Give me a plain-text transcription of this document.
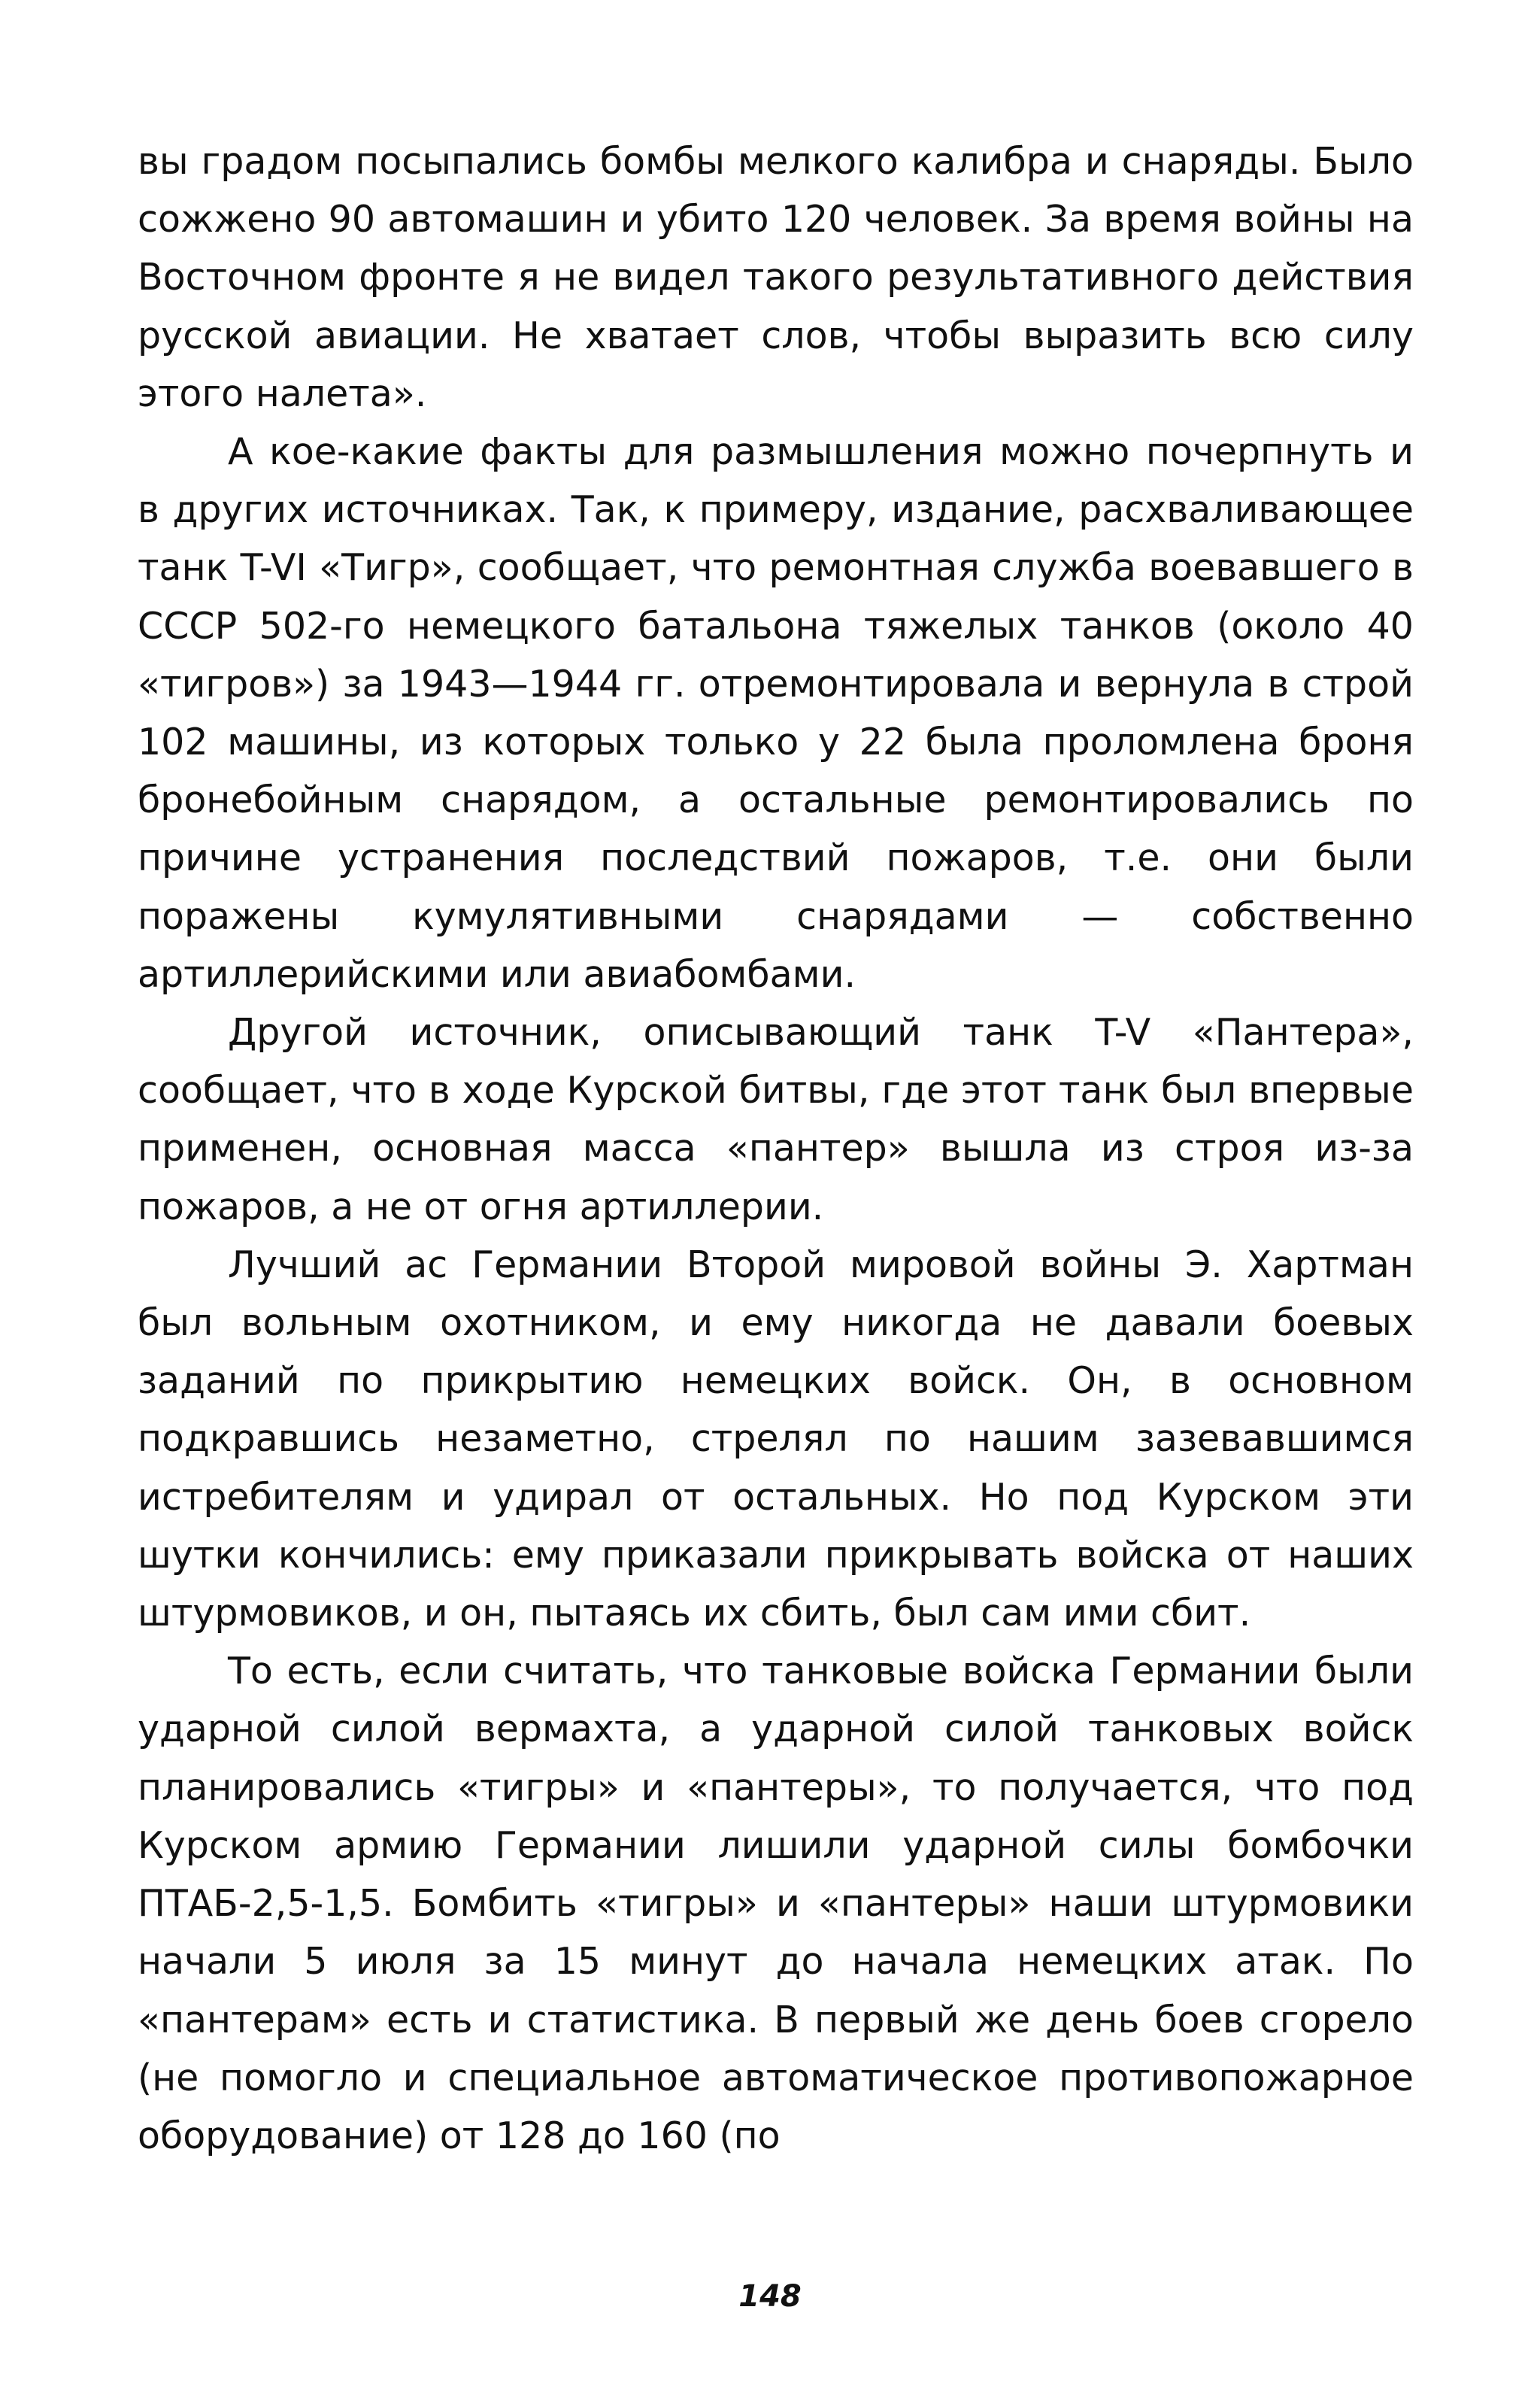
вы градом посыпались бомбы мелкого калибра и снаряды. Было сожжено 90 автомашин и убито 120 человек. За время войны на Восточном фронте я не видел такого результативного действия русской авиации. Не хватает слов, чтобы выразить всю силу этого налета».

А кое-какие факты для размышления можно почерпнуть и в других источниках. Так, к примеру, издание, расхваливающее танк T-VI «Тигр», сообщает, что ремонтная служба воевавшего в СССР 502-го немецкого батальона тяжелых танков (около 40 «тигров») за 1943—1944 гг. отремонтировала и вернула в строй 102 машины, из которых только у 22 была проломлена броня бронебойным снарядом, а остальные ремонтировались по причине устранения последствий пожаров, т.е. они были поражены кумулятивными снарядами — собственно артиллерийскими или авиабомбами.

Другой источник, описывающий танк T-V «Пантера», сообщает, что в ходе Курской битвы, где этот танк был впервые применен, основная масса «пантер» вышла из строя из-за пожаров, а не от огня артиллерии.

Лучший ас Германии Второй мировой войны Э. Хартман был вольным охотником, и ему никогда не давали боевых заданий по прикрытию немецких войск. Он, в основном подкравшись незаметно, стрелял по нашим зазевавшимся истребителям и удирал от остальных. Но под Курском эти шутки кончились: ему приказали прикрывать войска от наших штурмовиков, и он, пытаясь их сбить, был сам ими сбит.

То есть, если считать, что танковые войска Германии были ударной силой вермахта, а ударной силой танковых войск планировались «тигры» и «пантеры», то получается, что под Курском армию Германии лишили ударной силы бомбочки ПТАБ-2,5-1,5. Бомбить «тигры» и «пантеры» наши штурмовики начали 5 июля за 15 минут до начала немецких атак. По «пантерам» есть и статистика. В первый же день боев сгорело (не помогло и специальное автоматическое противопожарное оборудование) от 128 до 160 (по

148
